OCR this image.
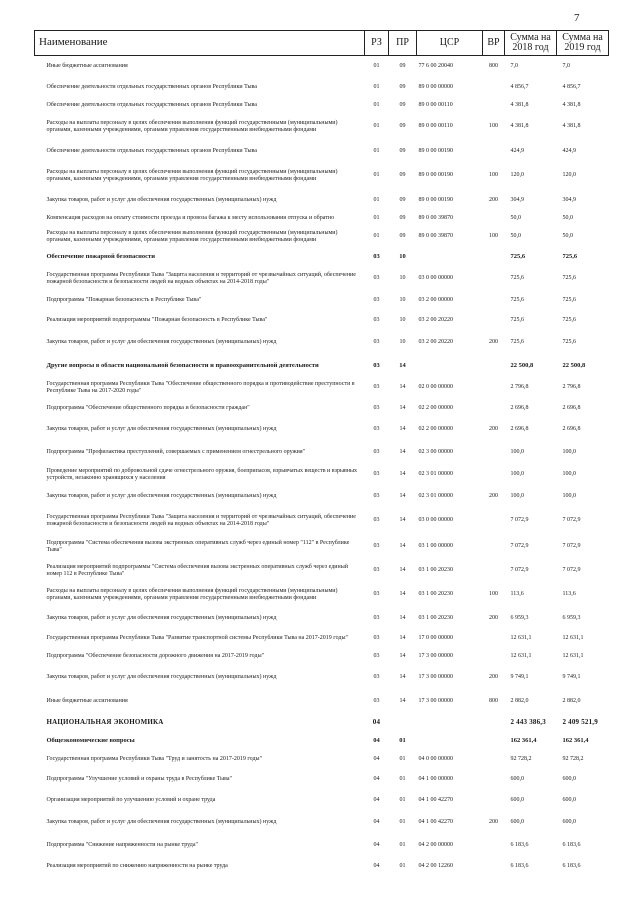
7
Наименование	РЗ	ПР	ЦСР	ВР	Сумма на 2018 год	Сумма на 2019 год
Иные бюджетные ассигнования	01	09	77 6 00 20040	800	7,0	7,0
Обеспечение деятельности отдельных государственных органов Республики Тыва	01	09	89 0 00 00000		4 856,7	4 856,7
Обеспечение деятельности отдельных государственных органов Республики Тыва	01	09	89 0 00 00110		4 381,8	4 381,8
Расходы на выплаты персоналу в целях обеспечения выполнения функций государственными (муниципальными) органами, казенными учреждениями, органами управления государственными внебюджетными фондами	01	09	89 0 00 00110	100	4 381,8	4 381,8
Обеспечение деятельности отдельных государственных органов Республики Тыва	01	09	89 0 00 00190		424,9	424,9
Расходы на выплаты персоналу в целях обеспечения выполнения функций государственными (муниципальными) органами, казенными учреждениями, органами управления государственными внебюджетными фондами	01	09	89 0 00 00190	100	120,0	120,0
Закупка товаров, работ и услуг для обеспечения государственных (муниципальных) нужд	01	09	89 0 00 00190	200	304,9	304,9
Компенсация расходов на оплату стоимости проезда и провоза багажа к месту использования отпуска и обратно	01	09	89 0 00 39870		50,0	50,0
Расходы на выплаты персоналу в целях обеспечения выполнения функций государственными (муниципальными) органами, казенными учреждениями, органами управления государственными внебюджетными фондами	01	09	89 0 00 39870	100	50,0	50,0
Обеспечение пожарной безопасности	03	10			725,6	725,6
Государственная программа Республики Тыва "Защита населения и территорий от чрезвычайных ситуаций, обеспечение пожарной безопасности и безопасности людей на водных объектах на 2014-2018 годы"	03	10	03 0 00 00000		725,6	725,6
Подпрограмма "Пожарная безопасность в Республике Тыва"	03	10	03 2 00 00000		725,6	725,6
Реализация мероприятий подпрограммы "Пожарная безопасность в Республике Тыва"	03	10	03 2 00 20220		725,6	725,6
Закупка товаров, работ и услуг для обеспечения государственных (муниципальных) нужд	03	10	03 2 00 20220	200	725,6	725,6
Другие вопросы в области национальной безопасности и правоохранительной деятельности	03	14			22 500,8	22 500,8
Государственная программа Республики Тыва "Обеспечение общественного порядка и противодействие преступности в Республике Тыва на 2017-2020 годы"	03	14	02 0 00 00000		2 796,8	2 796,8
Подпрограмма "Обеспечение общественного порядка и безопасности граждан"	03	14	02 2 00 00000		2 696,8	2 696,8
Закупка товаров, работ и услуг для обеспечения государственных (муниципальных) нужд	03	14	02 2 00 00000	200	2 696,8	2 696,8
Подпрограмма "Профилактика преступлений, совершаемых с применением огнестрельного оружия"	03	14	02 3 00 00000		100,0	100,0
Проведение мероприятий по добровольной сдаче огнестрельного оружия, боеприпасов, взрывчатых веществ и взрывных устройств, незаконно хранящихся у населения	03	14	02 3 01 00000		100,0	100,0
Закупка товаров, работ и услуг для обеспечения государственных (муниципальных) нужд	03	14	02 3 01 00000	200	100,0	100,0
Государственная программа Республики Тыва "Защита населения и территорий от чрезвычайных ситуаций, обеспечение пожарной безопасности и безопасности людей на водных объектах на 2014-2018 годы"	03	14	03 0 00 00000		7 072,9	7 072,9
Подпрограмма "Система обеспечения вызова экстренных оперативных служб через единый номер "112" в Республике Тыва"	03	14	03 1 00 00000		7 072,9	7 072,9
Реализация мероприятий подпрограммы "Система обеспечения вызова экстренных оперативных служб через единый номер 112 в Республике Тыва"	03	14	03 1 00 20230		7 072,9	7 072,9
Расходы на выплаты персоналу в целях обеспечения выполнения функций государственными (муниципальными) органами, казенными учреждениями, органами управления государственными внебюджетными фондами	03	14	03 1 00 20230	100	113,6	113,6
Закупка товаров, работ и услуг для обеспечения государственных (муниципальных) нужд	03	14	03 1 00 20230	200	6 959,3	6 959,3
Государственная программа Республики Тыва "Развитие транспортной системы Республики Тыва на 2017-2019 годы"	03	14	17 0 00 00000		12 631,1	12 631,1
Подпрограмма "Обеспечение безопасности дорожного движения на 2017-2019 годы"	03	14	17 3 00 00000		12 631,1	12 631,1
Закупка товаров, работ и услуг для обеспечения государственных (муниципальных) нужд	03	14	17 3 00 00000	200	9 749,1	9 749,1
Иные бюджетные ассигнования	03	14	17 3 00 00000	800	2 882,0	2 882,0
НАЦИОНАЛЬНАЯ ЭКОНОМИКА	04				2 443 386,3	2 409 521,9
Общеэкономические вопросы	04	01			162 361,4	162 361,4
Государственная программа Республики Тыва "Труд и занятость на 2017-2019 годы"	04	01	04 0 00 00000		92 728,2	92 728,2
Подпрограмма "Улучшение условий и охраны труда в Республике Тыва"	04	01	04 1 00 00000		600,0	600,0
Организация мероприятий по улучшению условий и охране труда	04	01	04 1 00 42270		600,0	600,0
Закупка товаров, работ и услуг для обеспечения государственных (муниципальных) нужд	04	01	04 1 00 42270	200	600,0	600,0
Подпрограмма "Снижение напряженности на рынке труда"	04	01	04 2 00 00000		6 183,6	6 183,6
Реализация мероприятий по снижению напряженности на рынке труда	04	01	04 2 00 12260		6 183,6	6 183,6
